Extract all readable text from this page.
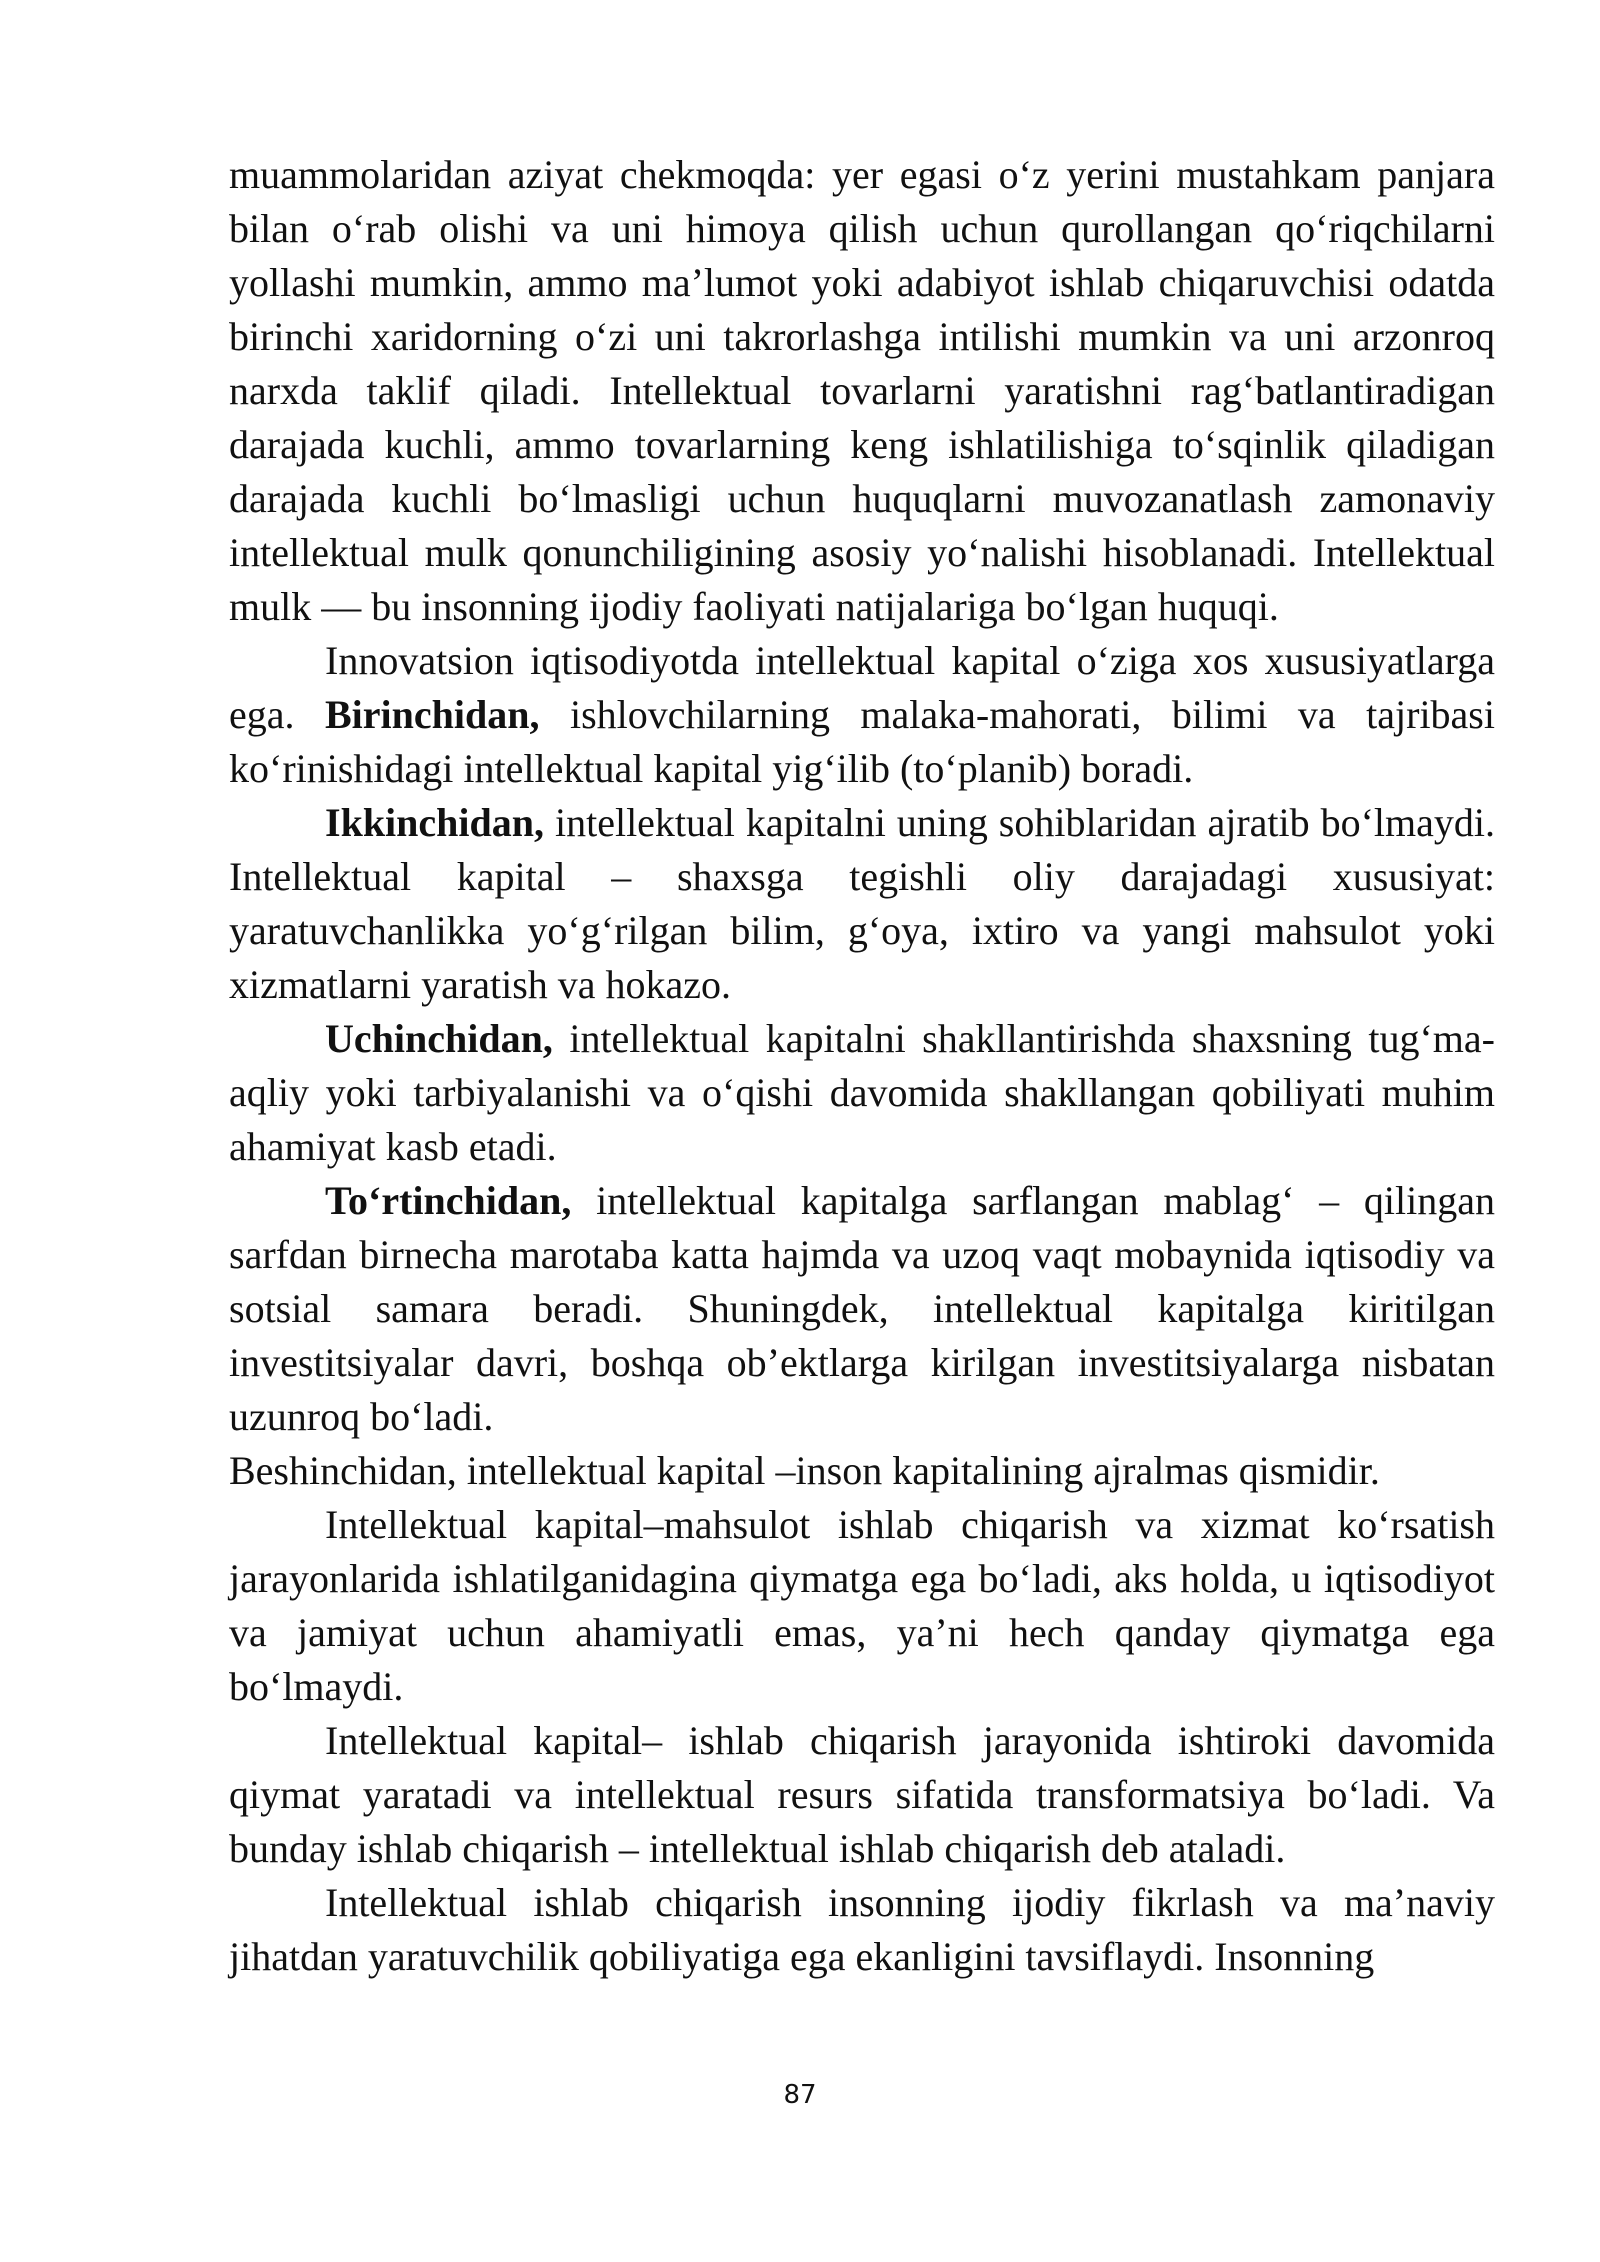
muammolaridan aziyat chekmoqda: yer egasi o‘z yerini mustahkam panjara bilan o‘rab olishi va uni himoya qilish uchun qurollangan qo‘riqchilarni yollashi mumkin, ammo ma’lumot yoki adabiyot ishlab chiqaruvchisi odatda birinchi xaridorning o‘zi uni takrorlashga intilishi mumkin va uni arzonroq narxda taklif qiladi. Intellektual tovarlarni yaratishni rag‘batlantiradigan darajada kuchli, ammo tovarlarning keng ishlatilishiga to‘sqinlik qiladigan darajada kuchli bo‘lmasligi uchun huquqlarni muvozanatlash zamonaviy intellektual mulk qonunchiligining asosiy yo‘nalishi hisoblanadi. Intellektual mulk — bu insonning ijodiy faoliyati natijalariga bo‘lgan huquqi.

Innovatsion iqtisodiyotda intellektual kapital o‘ziga xos xususiyatlarga ega. Birinchidan, ishlovchilarning malaka-mahorati, bilimi va tajribasi ko‘rinishidagi intellektual kapital yig‘ilib (to‘planib) boradi.

Ikkinchidan, intellektual kapitalni uning sohiblaridan ajratib bo‘lmaydi. Intellektual kapital – shaxsga tegishli oliy darajadagi xususiyat: yaratuvchanlikka yo‘g‘rilgan bilim, g‘oya, ixtiro va yangi mahsulot yoki xizmatlarni yaratish va hokazo.

Uchinchidan, intellektual kapitalni shakllantirishda shaxsning tug‘ma-aqliy yoki tarbiyalanishi va o‘qishi davomida shakllangan qobiliyati muhim ahamiyat kasb etadi.

To‘rtinchidan, intellektual kapitalga sarflangan mablag‘ – qilingan sarfdan birnecha marotaba katta hajmda va uzoq vaqt mobaynida iqtisodiy va sotsial samara beradi. Shuningdek, intellektual kapitalga kiritilgan investitsiyalar davri, boshqa ob’ektlarga kirilgan investitsiyalarga nisbatan uzunroq bo‘ladi.

Beshinchidan, intellektual kapital –inson kapitalining ajralmas qismidir.

Intellektual kapital–mahsulot ishlab chiqarish va xizmat ko‘rsatish jarayonlarida ishlatilganidagina qiymatga ega bo‘ladi, aks holda, u iqtisodiyot va jamiyat uchun ahamiyatli emas, ya’ni hech qanday qiymatga ega bo‘lmaydi.

Intellektual kapital– ishlab chiqarish jarayonida ishtiroki davomida qiymat yaratadi va intellektual resurs sifatida transformatsiya bo‘ladi. Va bunday ishlab chiqarish – intellektual ishlab chiqarish deb ataladi.

Intellektual ishlab chiqarish insonning ijodiy fikrlash va ma’naviy jihatdan yaratuvchilik qobiliyatiga ega ekanligini tavsiflaydi. Insonning

87
